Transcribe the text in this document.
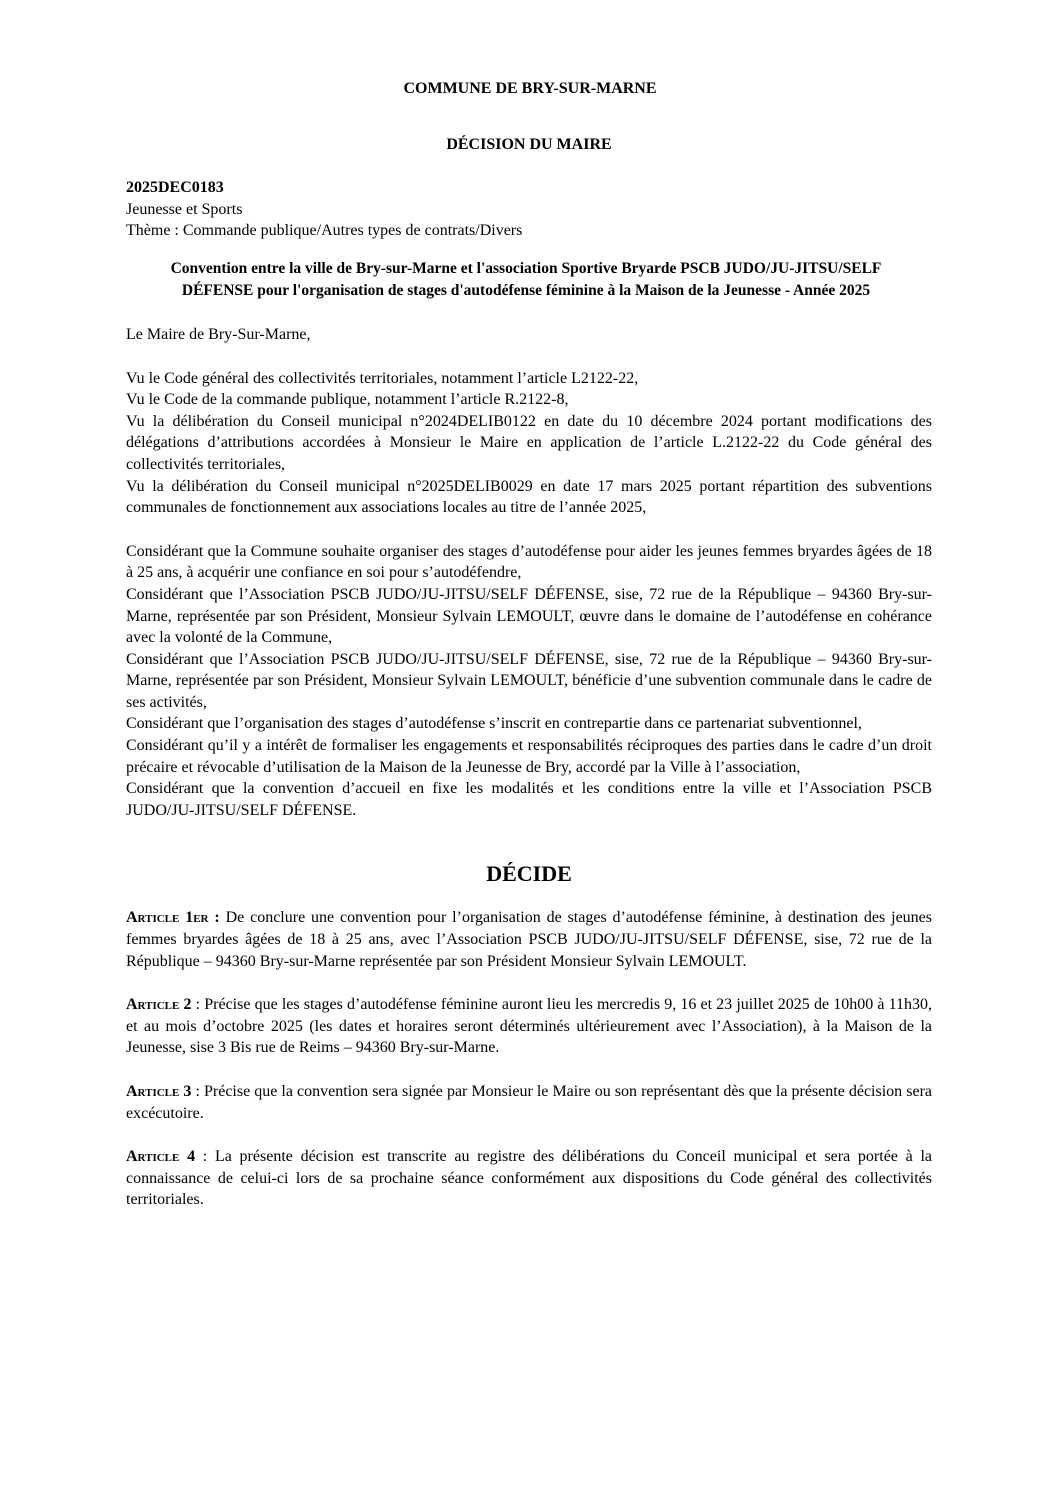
COMMUNE DE BRY-SUR-MARNE
DÉCISION DU MAIRE
2025DEC0183
Jeunesse et Sports
Thème : Commande publique/Autres types de contrats/Divers
Convention entre la ville de Bry-sur-Marne et l'association Sportive Bryarde PSCB JUDO/JU-JITSU/SELF DÉFENSE pour l'organisation de stages d'autodéfense féminine à la Maison de la Jeunesse - Année 2025
Le Maire de Bry-Sur-Marne,
Vu le Code général des collectivités territoriales, notamment l’article L2122-22,
Vu le Code de la commande publique, notamment l’article R.2122-8,
Vu la délibération du Conseil municipal n°2024DELIB0122 en date du 10 décembre 2024 portant modifications des délégations d’attributions accordées à Monsieur le Maire en application de l’article L.2122-22 du Code général des collectivités territoriales,
Vu la délibération du Conseil municipal n°2025DELIB0029 en date 17 mars 2025 portant répartition des subventions communales de fonctionnement aux associations locales au titre de l’année 2025,
Considérant que la Commune souhaite organiser des stages d’autodéfense pour aider les jeunes femmes bryardes âgées de 18 à 25 ans, à acquérir une confiance en soi pour s’autodéfendre,
Considérant que l’Association PSCB JUDO/JU-JITSU/SELF DÉFENSE, sise, 72 rue de la République – 94360 Bry-sur-Marne, représentée par son Président, Monsieur Sylvain LEMOULT, œuvre dans le domaine de l’autodéfense en cohérance avec la volonté de la Commune,
Considérant que l’Association PSCB JUDO/JU-JITSU/SELF DÉFENSE, sise, 72 rue de la République – 94360 Bry-sur-Marne, représentée par son Président, Monsieur Sylvain LEMOULT, bénéficie d’une subvention communale dans le cadre de ses activités,
Considérant que l’organisation des stages d’autodéfense s’inscrit en contrepartie dans ce partenariat subventionnel,
Considérant qu’il y a intérêt de formaliser les engagements et responsabilités réciproques des parties dans le cadre d’un droit précaire et révocable d’utilisation de la Maison de la Jeunesse de Bry, accordé par la Ville à l’association,
Considérant que la convention d’accueil en fixe les modalités et les conditions entre la ville et l’Association PSCB JUDO/JU-JITSU/SELF DÉFENSE.
DÉCIDE
Article 1er : De conclure une convention pour l’organisation de stages d’autodéfense féminine, à destination des jeunes femmes bryardes âgées de 18 à 25 ans, avec l’Association PSCB JUDO/JU-JITSU/SELF DÉFENSE, sise, 72 rue de la République – 94360 Bry-sur-Marne représentée par son Président Monsieur Sylvain LEMOULT.
Article 2 : Précise que les stages d’autodéfense féminine auront lieu les mercredis 9, 16 et 23 juillet 2025 de 10h00 à 11h30, et au mois d’octobre 2025 (les dates et horaires seront déterminés ultérieurement avec l’Association), à la Maison de la Jeunesse, sise 3 Bis rue de Reims – 94360 Bry-sur-Marne.
Article 3 : Précise que la convention sera signée par Monsieur le Maire ou son représentant dès que la présente décision sera excécutoire.
Article 4 : La présente décision est transcrite au registre des délibérations du Conceil municipal et sera portée à la connaissance de celui-ci lors de sa prochaine séance conformément aux dispositions du Code général des collectivités territoriales.
